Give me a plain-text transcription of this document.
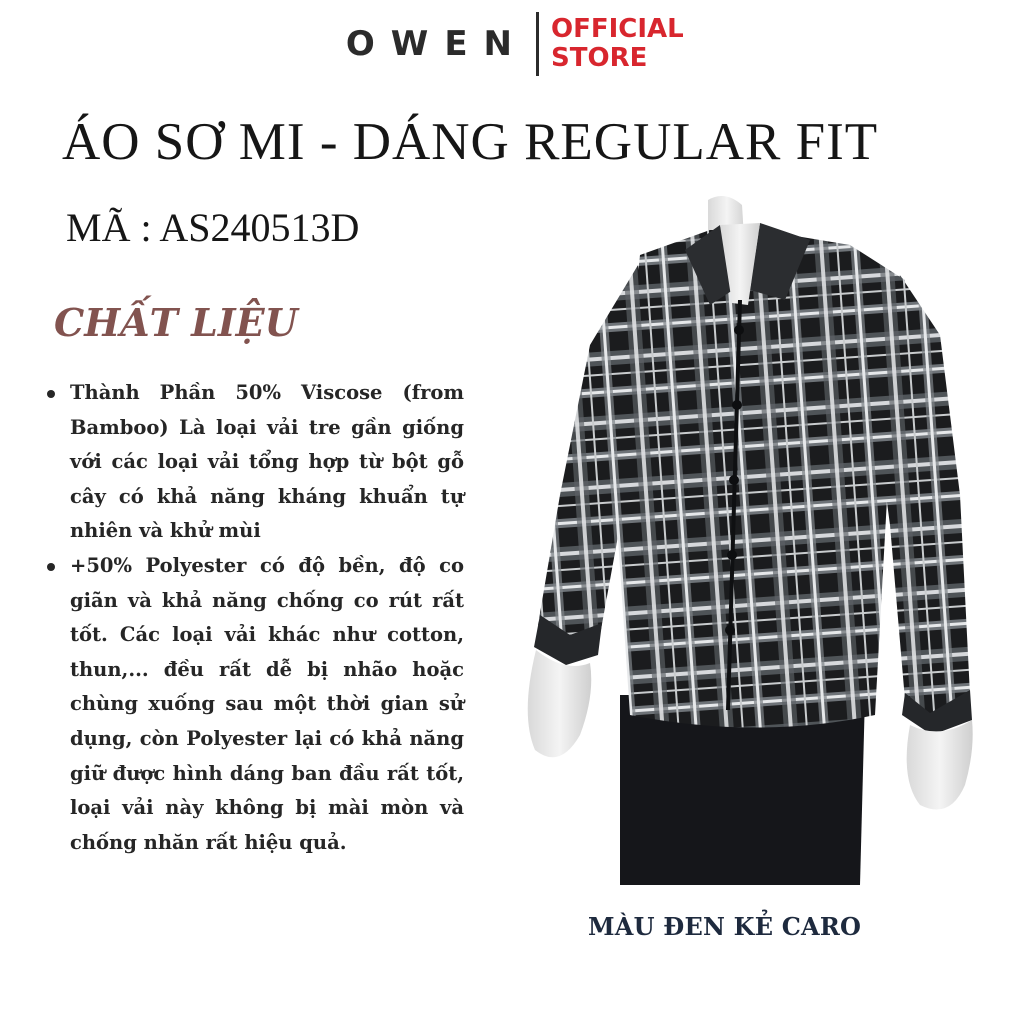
OWEN OFFICIAL
STORE
ÁO SƠ MI - DÁNG REGULAR FIT
MÃ : AS240513D
CHẤT LIỆU
Thành Phần 50% Viscose (from Bamboo) Là loại vải tre gần giống với các loại vải tổng hợp từ bột gỗ cây có khả năng kháng khuẩn tự nhiên và khử mùi
+50% Polyester có độ bền, độ co giãn và khả năng chống co rút rất tốt. Các loại vải khác như cotton, thun,... đều rất dễ bị nhão hoặc chùng xuống sau một thời gian sử dụng, còn Polyester lại có khả năng giữ được hình dáng ban đầu rất tốt, loại vải này không bị mài mòn và chống nhăn rất hiệu quả.
MÀU ĐEN KẺ CARO
